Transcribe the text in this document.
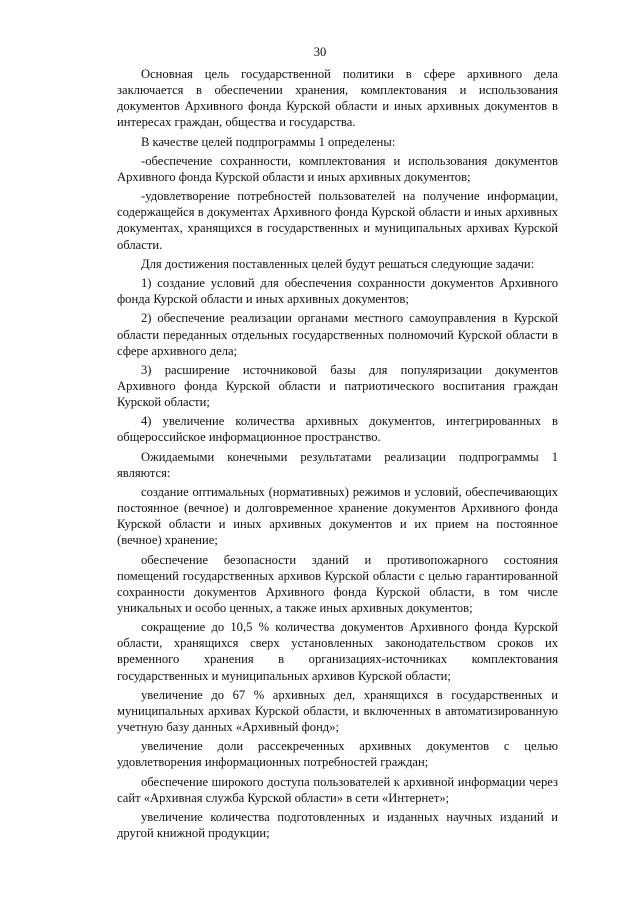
30

Основная цель государственной политики в сфере архивного дела заключается в обеспечении хранения, комплектования и использования документов Архивного фонда Курской области и иных архивных документов в интересах граждан, общества и государства.

В качестве целей подпрограммы 1 определены:

-обеспечение сохранности, комплектования и использования документов Архивного фонда Курской области и иных архивных документов;

-удовлетворение потребностей пользователей на получение информации, содержащейся в документах Архивного фонда Курской области и иных архивных документах, хранящихся в государственных и муниципальных архивах Курской области.

Для достижения поставленных целей будут решаться следующие задачи:

1) создание условий для обеспечения сохранности документов Архивного фонда Курской области и иных архивных документов;

2) обеспечение реализации органами местного самоуправления в Курской области переданных отдельных государственных полномочий Курской области в сфере архивного дела;

3) расширение источниковой базы для популяризации документов Архивного фонда Курской области и патриотического воспитания граждан Курской области;

4) увеличение количества архивных документов, интегрированных в общероссийское информационное пространство.

Ожидаемыми конечными результатами реализации подпрограммы 1 являются:

создание оптимальных (нормативных) режимов и условий, обеспечивающих постоянное (вечное) и долговременное хранение документов Архивного фонда Курской области и иных архивных документов и их прием на постоянное (вечное) хранение;

обеспечение безопасности зданий и противопожарного состояния помещений государственных архивов Курской области с целью гарантированной сохранности документов Архивного фонда Курской области, в том числе уникальных и особо ценных, а также иных архивных документов;

сокращение до 10,5 % количества документов Архивного фонда Курской области, хранящихся сверх установленных законодательством сроков их временного хранения в организациях-источниках комплектования государственных и муниципальных архивов Курской области;

увеличение до 67 % архивных дел, хранящихся в государственных и муниципальных архивах Курской области, и включенных в автоматизированную учетную базу данных «Архивный фонд»;

увеличение доли рассекреченных архивных документов с целью удовлетворения информационных потребностей граждан;

обеспечение широкого доступа пользователей к архивной информации через сайт «Архивная служба Курской области» в сети «Интернет»;

увеличение количества подготовленных и изданных научных изданий и другой книжной продукции;
